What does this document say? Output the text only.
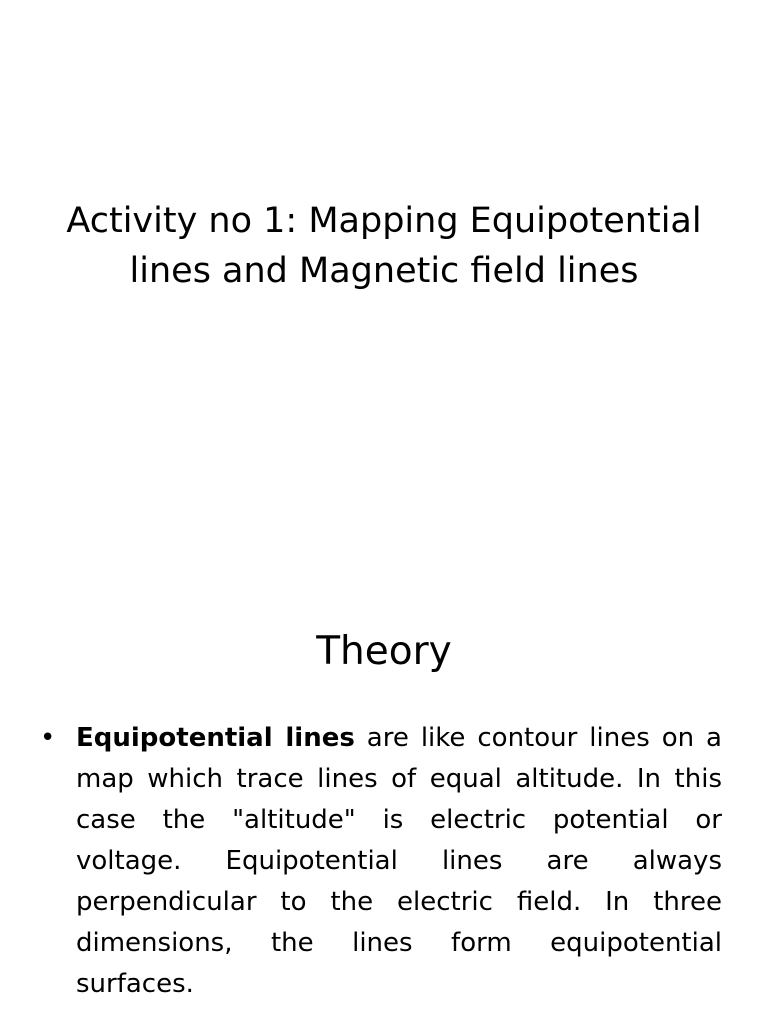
Activity no 1: Mapping Equipotential
lines and Magnetic field lines
Theory
• Equipotential lines are like contour lines on a map which trace lines of equal altitude. In this case the "altitude" is electric potential or voltage. Equipotential lines are always perpendicular to the electric field. In three dimensions, the lines form equipotential surfaces.
